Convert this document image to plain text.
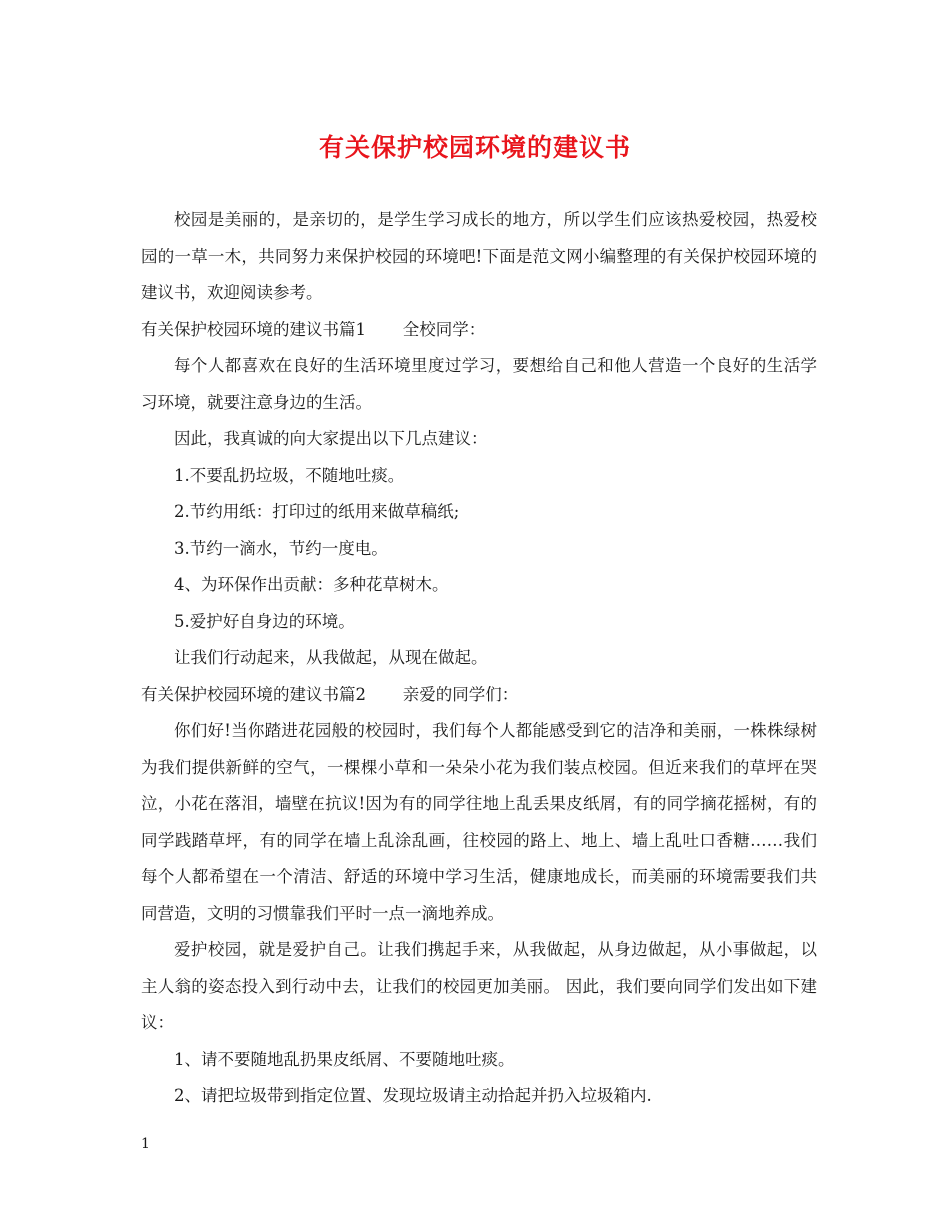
有关保护校园环境的建议书

校园是美丽的，是亲切的，是学生学习成长的地方，所以学生们应该热爱校园，热爱校园的一草一木，共同努力来保护校园的环境吧!下面是范文网小编整理的有关保护校园环境的建议书，欢迎阅读参考。

有关保护校园环境的建议书篇1       全校同学：

每个人都喜欢在良好的生活环境里度过学习，要想给自己和他人营造一个良好的生活学习环境，就要注意身边的生活。

因此，我真诚的向大家提出以下几点建议：

1.不要乱扔垃圾，不随地吐痰。

2.节约用纸：打印过的纸用来做草稿纸;

3.节约一滴水，节约一度电。

4、为环保作出贡献：多种花草树木。

5.爱护好自身边的环境。

让我们行动起来，从我做起，从现在做起。

有关保护校园环境的建议书篇2       亲爱的同学们：

你们好!当你踏进花园般的校园时，我们每个人都能感受到它的洁净和美丽，一株株绿树为我们提供新鲜的空气，一棵棵小草和一朵朵小花为我们装点校园。但近来我们的草坪在哭泣，小花在落泪，墙壁在抗议!因为有的同学往地上乱丢果皮纸屑，有的同学摘花摇树，有的同学践踏草坪，有的同学在墙上乱涂乱画，往校园的路上、地上、墙上乱吐口香糖……我们每个人都希望在一个清洁、舒适的环境中学习生活，健康地成长，而美丽的环境需要我们共同营造，文明的习惯靠我们平时一点一滴地养成。

爱护校园，就是爱护自己。让我们携起手来，从我做起，从身边做起，从小事做起，以主人翁的姿态投入到行动中去，让我们的校园更加美丽。 因此，我们要向同学们发出如下建议：

1、请不要随地乱扔果皮纸屑、不要随地吐痰。

2、请把垃圾带到指定位置、发现垃圾请主动拾起并扔入垃圾箱内.

1
